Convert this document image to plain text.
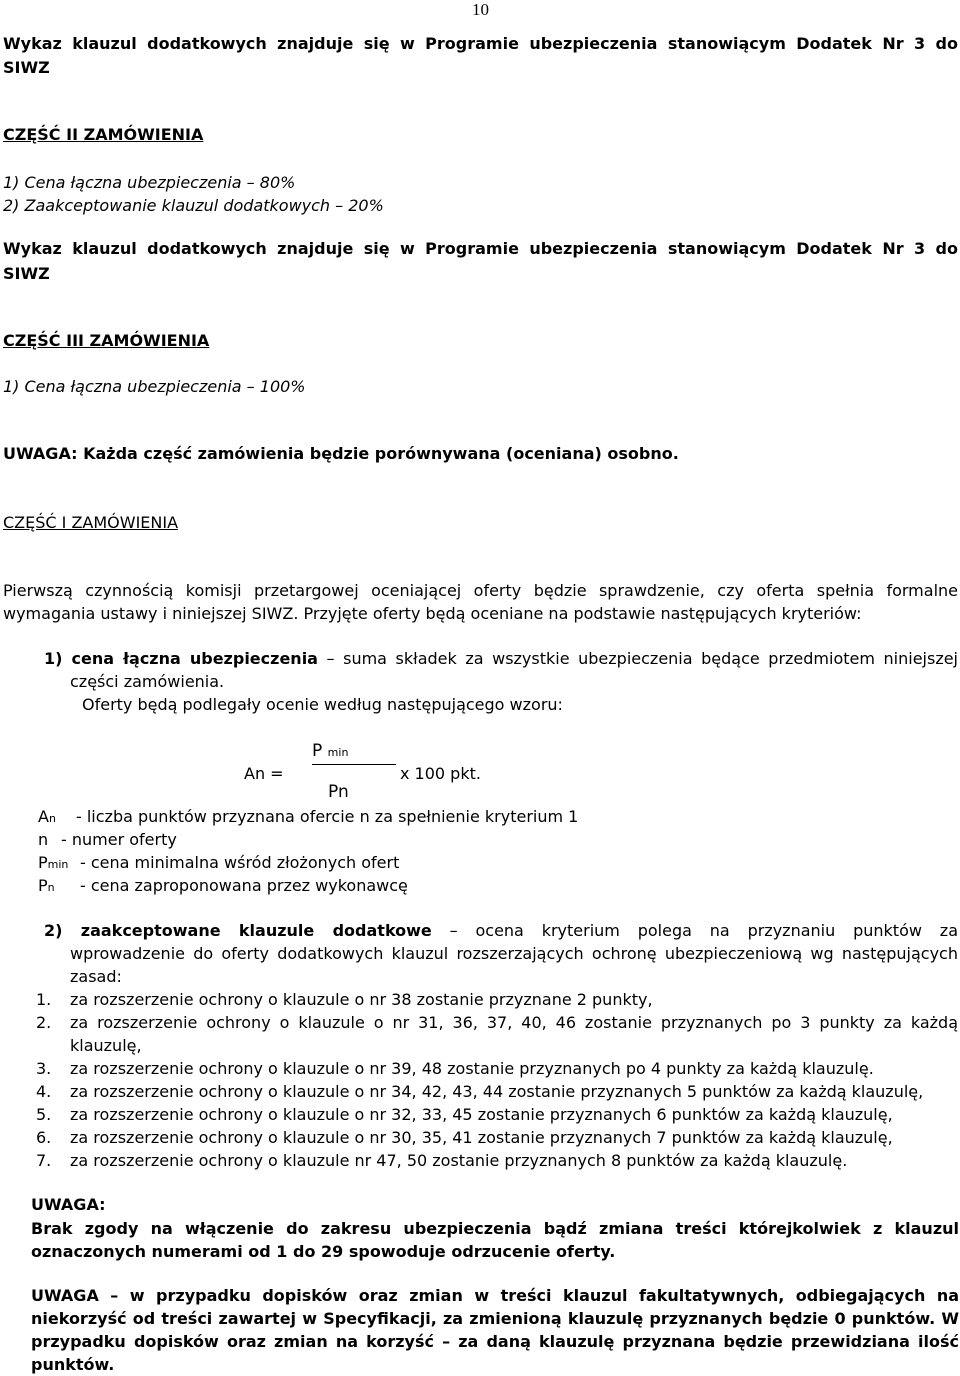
10
Wykaz klauzul dodatkowych znajduje się w Programie ubezpieczenia stanowiącym Dodatek Nr 3 do
SIWZ
CZĘŚĆ II ZAMÓWIENIA
1) Cena łączna ubezpieczenia – 80%
2) Zaakceptowanie klauzul dodatkowych – 20%
Wykaz klauzul dodatkowych znajduje się w Programie ubezpieczenia stanowiącym Dodatek Nr 3 do
SIWZ
CZĘŚĆ III ZAMÓWIENIA
1) Cena łączna ubezpieczenia – 100%
UWAGA: Każda część zamówienia będzie porównywana (oceniana) osobno.
CZĘŚĆ I ZAMÓWIENIA
Pierwszą czynnością komisji przetargowej oceniającej oferty będzie sprawdzenie, czy oferta spełnia formalne
wymagania ustawy i niniejszej SIWZ. Przyjęte oferty będą oceniane na podstawie następujących kryteriów:
1) cena łączna ubezpieczenia – suma składek za wszystkie ubezpieczenia będące przedmiotem niniejszej
części zamówienia.
Oferty będą podlegały ocenie według następującego wzoru:
An =
P min
Pn
x 100 pkt.
An - liczba punktów przyznana ofercie n za spełnienie kryterium 1
n - numer oferty
Pmin - cena minimalna wśród złożonych ofert
Pn - cena zaproponowana przez wykonawcę
2) zaakceptowane klauzule dodatkowe – ocena kryterium polega na przyznaniu punktów za
wprowadzenie do oferty dodatkowych klauzul rozszerzających ochronę ubezpieczeniową wg następujących
zasad:
1. za rozszerzenie ochrony o klauzule o nr 38 zostanie przyznane 2 punkty,
2. za rozszerzenie ochrony o klauzule o nr 31, 36, 37, 40, 46 zostanie przyznanych po 3 punkty za każdą
klauzulę,
3. za rozszerzenie ochrony o klauzule o nr 39, 48 zostanie przyznanych po 4 punkty za każdą klauzulę.
4. za rozszerzenie ochrony o klauzule o nr 34, 42, 43, 44 zostanie przyznanych 5 punktów za każdą klauzulę,
5. za rozszerzenie ochrony o klauzule o nr 32, 33, 45 zostanie przyznanych 6 punktów za każdą klauzulę,
6. za rozszerzenie ochrony o klauzule o nr 30, 35, 41 zostanie przyznanych 7 punktów za każdą klauzulę,
7. za rozszerzenie ochrony o klauzule nr 47, 50 zostanie przyznanych 8 punktów za każdą klauzulę.
UWAGA:
Brak zgody na włączenie do zakresu ubezpieczenia bądź zmiana treści którejkolwiek z klauzul oznaczonych numerami od 1 do 29 spowoduje odrzucenie oferty.
UWAGA – w przypadku dopisków oraz zmian w treści klauzul fakultatywnych, odbiegających na niekorzyść od treści zawartej w Specyfikacji, za zmienioną klauzulę przyznanych będzie 0 punktów. W przypadku dopisków oraz zmian na korzyść – za daną klauzulę przyznana będzie przewidziana ilość punktów.
